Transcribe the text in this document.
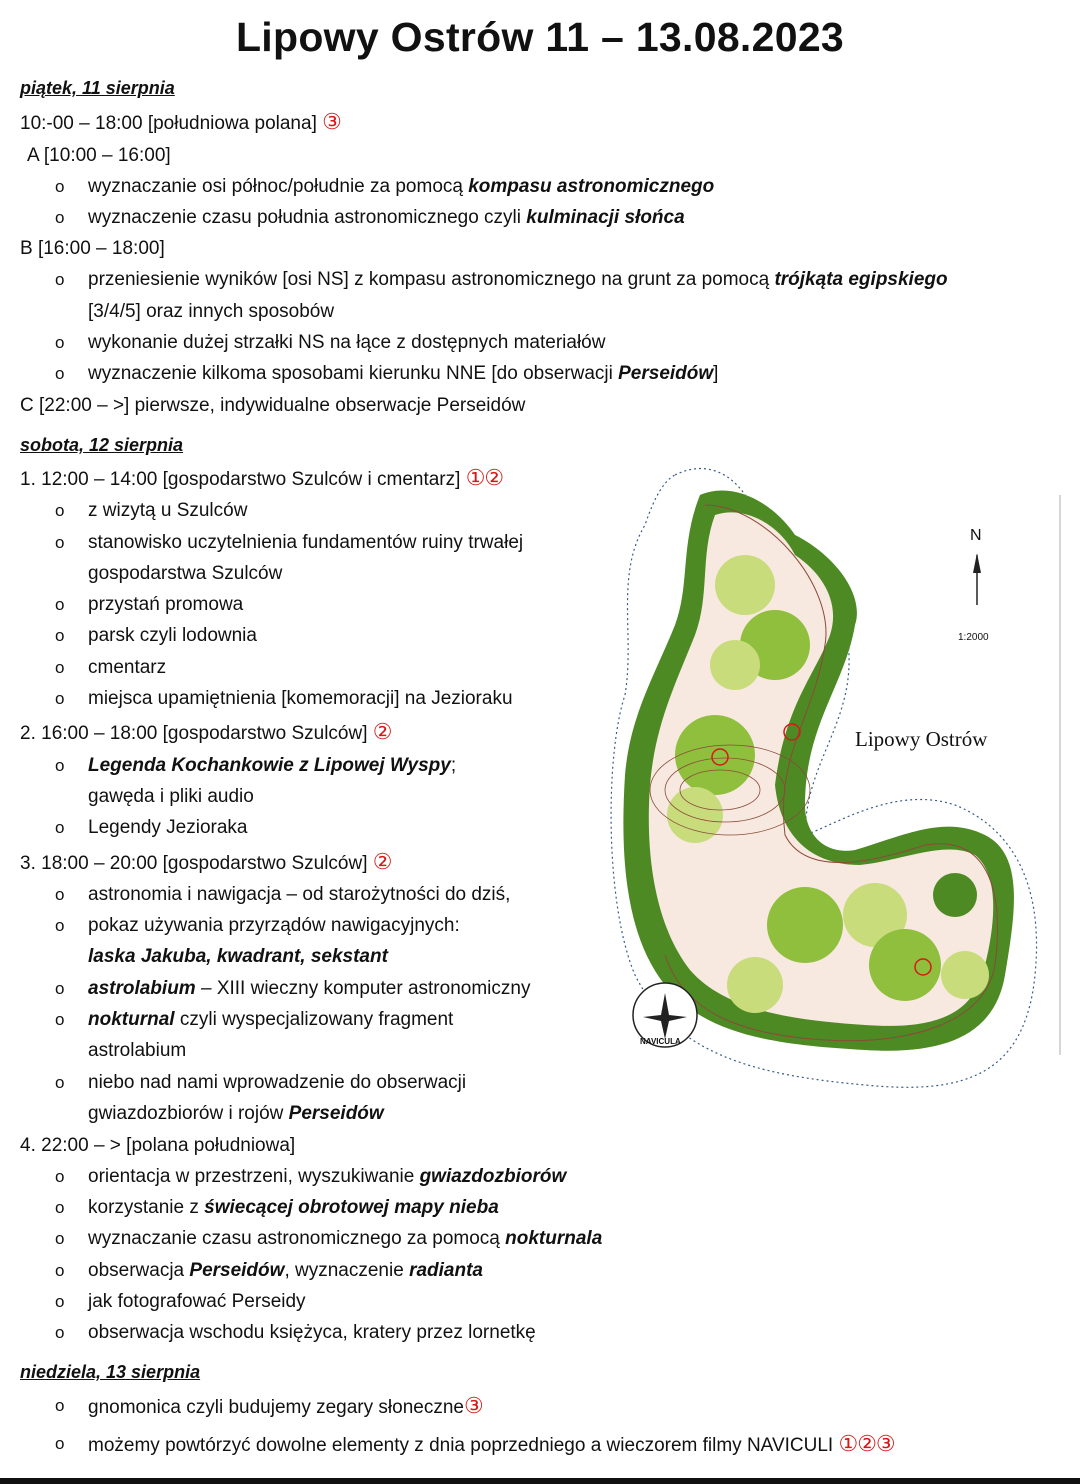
Lipowy Ostrów 11 – 13.08.2023
piątek, 11 sierpnia
10:-00 – 18:00 [południowa polana] ③
A [10:00 – 16:00]
o wyznaczanie osi północ/południe za pomocą kompasu astronomicznego
o wyznaczenie czasu południa astronomicznego czyli kulminacji słońca
B [16:00 – 18:00]
o przeniesienie wyników [osi NS] z kompasu astronomicznego na grunt za pomocą trójkąta egipskiego
[3/4/5] oraz innych sposobów
o wykonanie dużej strzałki NS na łące z dostępnych materiałów
o wyznaczenie kilkoma sposobami kierunku NNE [do obserwacji Perseidów]
C [22:00 – >] pierwsze, indywidualne obserwacje Perseidów
sobota, 12 sierpnia
1. 12:00 – 14:00 [gospodarstwo Szulców i cmentarz] ①②
o z wizytą u Szulców
o stanowisko uczytelnienia fundamentów ruiny trwałej
gospodarstwa Szulców
o przystań promowa
o parsk czyli lodownia
o cmentarz
o miejsca upamiętnienia [komemoracji] na Jezioraku
2. 16:00 – 18:00 [gospodarstwo Szulców] ②
o Legenda Kochankowie z Lipowej Wyspy;
gawęda i pliki audio
o Legendy Jezioraka
3. 18:00 – 20:00 [gospodarstwo Szulców] ②
o astronomia i nawigacja – od starożytności do dziś,
o pokaz używania przyrządów nawigacyjnych:
laska Jakuba, kwadrant, sekstant
o astrolabium – XIII wieczny komputer astronomiczny
o nokturnal czyli wyspecjalizowany fragment
astrolabium
o niebo nad nami wprowadzenie do obserwacji
gwiazdozbiorów i rojów Perseidów
4. 22:00 – > [polana południowa]
o orientacja w przestrzeni, wyszukiwanie gwiazdozbiorów
o korzystanie z świecącej obrotowej mapy nieba
o wyznaczanie czasu astronomicznego za pomocą nokturnala
o obserwacja Perseidów, wyznaczenie radianta
o jak fotografować Perseidy
o obserwacja wschodu księżyca, kratery przez lornetkę
niedziela, 13 sierpnia
o gnomonica czyli budujemy zegary słoneczne③
o możemy powtórzyć dowolne elementy z dnia poprzedniego a wieczorem filmy NAVICULI ①②③
N
1:2000
Lipowy Ostrów
NAVICULA
